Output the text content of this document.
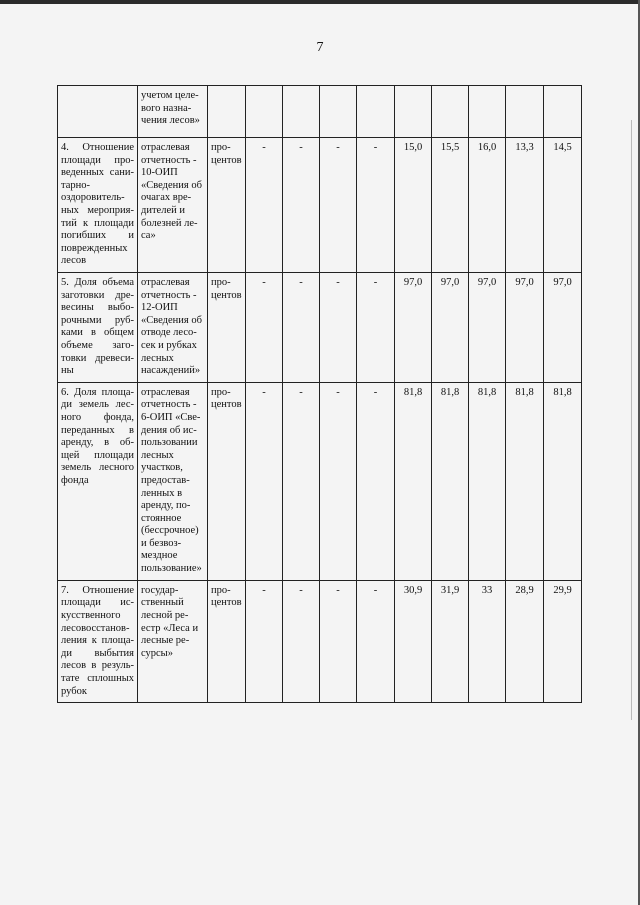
7
	учетом целе-вого назна-чения лесов»										
4. Отношение площади про-веденных сани-тарно-оздоровитель-ных мероприя-тий к площади погибших и поврежденных лесов	отраслевая отчетность - 10-ОИП «Сведения об очагах вре-дителей и болезней ле-са»	про-центов	-	-	-	-	15,0	15,5	16,0	13,3	14,5
5. Доля объема заготовки дре-весины выбо-рочными руб-ками в общем объеме заго-товки древеси-ны	отраслевая отчетность - 12-ОИП «Сведения об отводе лесо-сек и рубках лесных насаждений»	про-центов	-	-	-	-	97,0	97,0	97,0	97,0	97,0
6. Доля площа-ди земель лес-ного фонда, переданных в аренду, в об-щей площади земель лесного фонда	отраслевая отчетность - 6-ОИП «Све-дения об ис-пользовании лесных участков, предостав-ленных в аренду, по-стоянное (бессрочное) и безвоз-мездное пользование»	про-центов	-	-	-	-	81,8	81,8	81,8	81,8	81,8
7. Отношение площади ис-кусственного лесовосстанов-ления к площа-ди выбытия лесов в резуль-тате сплошных рубок	государ-ственный лесной ре-естр «Леса и лесные ре-сурсы»	про-центов	-	-	-	-	30,9	31,9	33	28,9	29,9
